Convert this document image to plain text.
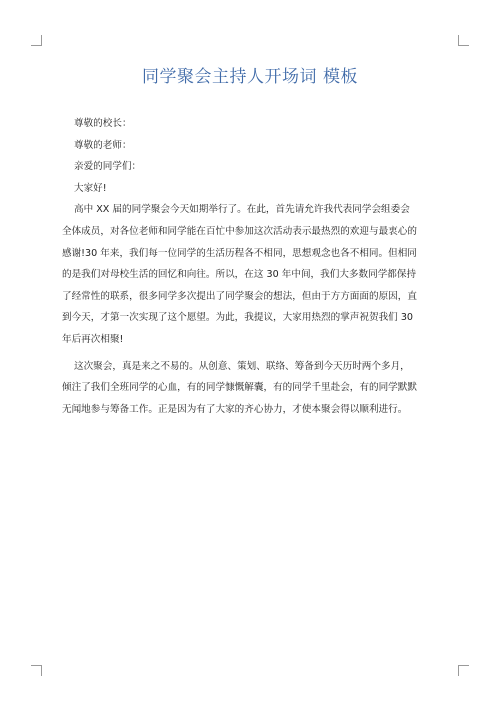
同学聚会主持人开场词 模板
尊敬的校长：
尊敬的老师：
亲爱的同学们：
大家好!
高中 XX 届的同学聚会今天如期举行了。在此，首先请允许我代表同学会组委会
全体成员，对各位老师和同学能在百忙中参加这次活动表示最热烈的欢迎与最衷心的
感谢!30 年来，我们每一位同学的生活历程各不相同，思想观念也各不相同。但相同
的是我们对母校生活的回忆和向往。所以，在这 30 年中间，我们大多数同学都保持
了经常性的联系，很多同学多次提出了同学聚会的想法，但由于方方面面的原因，直
到今天，才第一次实现了这个愿望。为此，我提议，大家用热烈的掌声祝贺我们 30
年后再次相聚!
这次聚会，真是来之不易的。从创意、策划、联络、筹备到今天历时两个多月，
倾注了我们全班同学的心血，有的同学慷慨解囊，有的同学千里赴会，有的同学默默
无闻地参与筹备工作。正是因为有了大家的齐心协力，才使本聚会得以顺利进行。
